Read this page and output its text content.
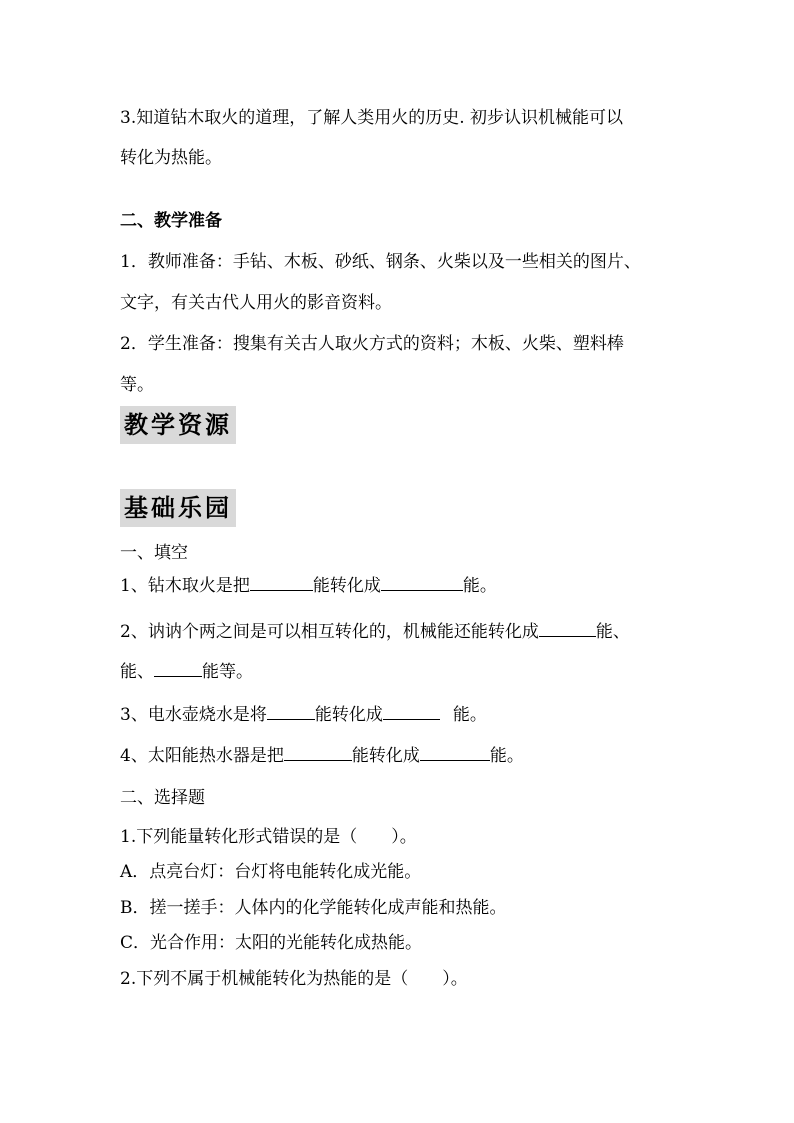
3.知道钻木取火的道理，了解人类用火的历史. 初步认识机械能可以
转化为热能。
二、教学准备
1．教师准备：手钻、木板、砂纸、钢条、火柴以及一些相关的图片、
文字，有关古代人用火的影音资料。
2．学生准备：搜集有关古人取火方式的资料；木板、火柴、塑料棒
等。
教学资源
基础乐园
一、填空
1、钻木取火是把	能转化成	能。
2、讷讷个两之间是可以相互转化的，机械能还能转化成	能、
能、	能等。
3、电水壶烧水是将	能转化成	能。
4、太阳能热水器是把	能转化成	能。
二、选择题
1.下列能量转化形式错误的是（　　）。
A．点亮台灯：台灯将电能转化成光能。
B．搓一搓手：人体内的化学能转化成声能和热能。
C．光合作用：太阳的光能转化成热能。
2.下列不属于机械能转化为热能的是（　　）。
